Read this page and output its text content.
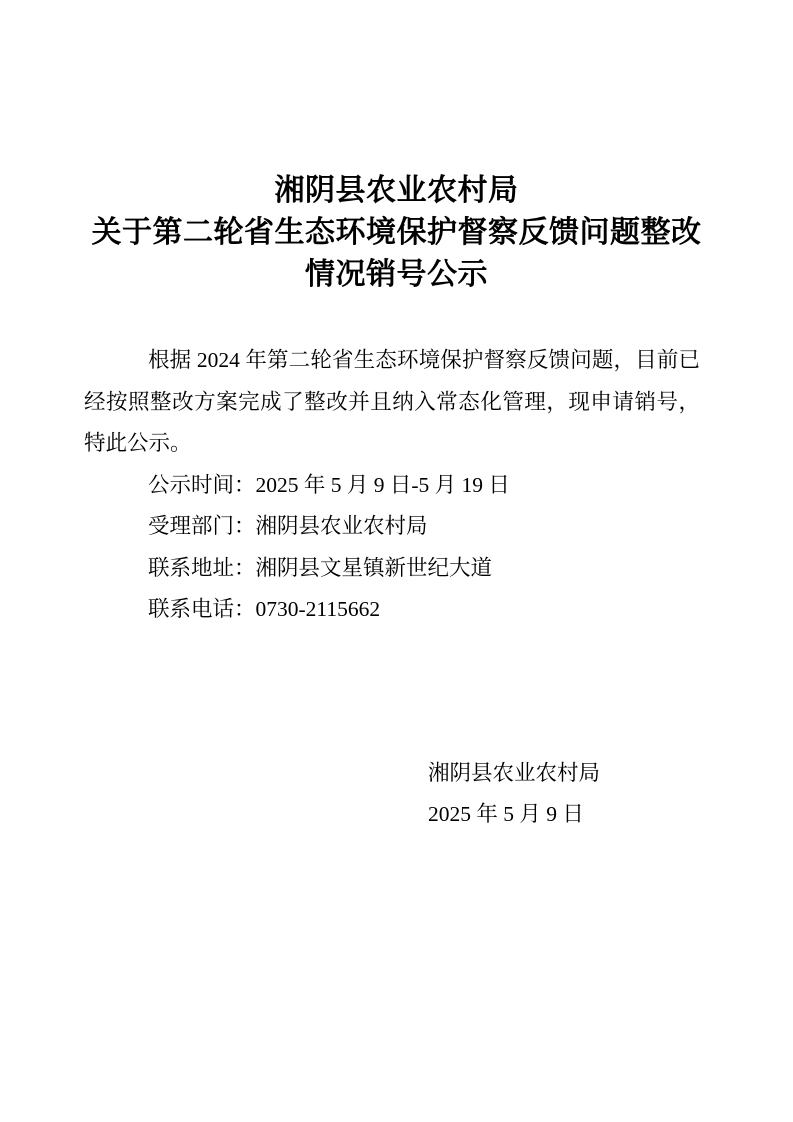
湘阴县农业农村局
关于第二轮省生态环境保护督察反馈问题整改
情况销号公示
根据 2024 年第二轮省生态环境保护督察反馈问题，目前已
经按照整改方案完成了整改并且纳入常态化管理，现申请销号，
特此公示。
公示时间：2025 年 5 月 9 日-5 月 19 日
受理部门：湘阴县农业农村局
联系地址：湘阴县文星镇新世纪大道
联系电话：0730-2115662
湘阴县农业农村局
2025 年 5 月 9 日
